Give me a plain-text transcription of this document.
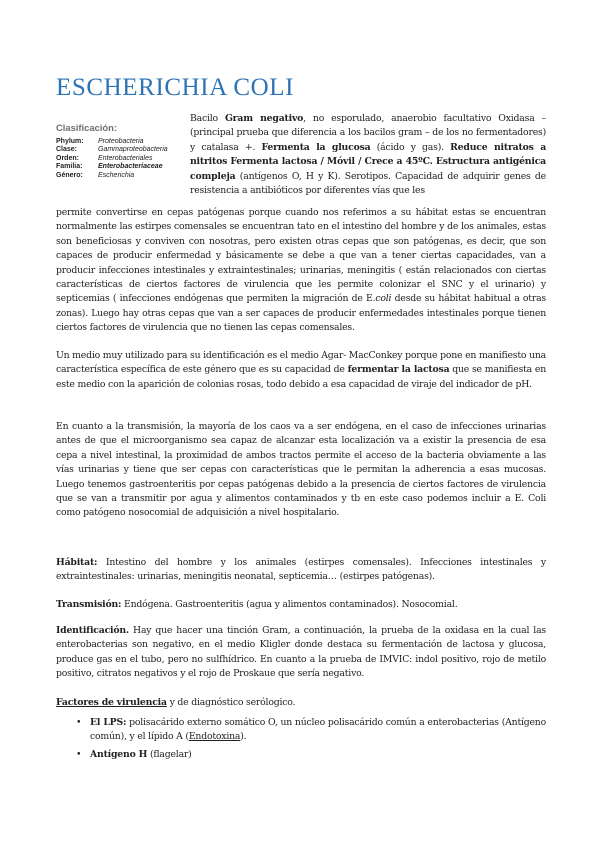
ESCHERICHIA COLI
Clasificación:
Phylum:	Proteobacteria
Clase:	Gammaproteobacteria
Orden:	Enterobacteriales
Familia:	Enterobacteriaceae
Género:	Escherichia

Bacilo Gram negativo, no esporulado, anaerobio facultativo Oxidasa – (principal prueba que diferencia a los bacilos gram – de los no fermentadores) y catalasa +. Fermenta la glucosa (ácido y gas). Reduce nitratos a nitritos Fermenta lactosa / Móvil / Crece a 45ºC. Estructura antigénica compleja (antígenos O, H y K). Serotipos. Capacidad de adquirir genes de resistencia a antibióticos por diferentes vías que les

permite convertirse en cepas patógenas porque cuando nos referimos a su hábitat estas se encuentran normalmente las estirpes comensales se encuentran tato en el intestino del hombre y de los animales, estas son beneficiosas y conviven con nosotras, pero existen otras cepas que son patógenas, es decir, que son capaces de producir enfermedad y básicamente se debe a que van a tener ciertas capacidades, van a producir infecciones intestinales y extraintestinales; urinarias, meningitis ( están relacionados con ciertas características de ciertos factores de virulencia que les permite colonizar el SNC y el urinario) y septicemias ( infecciones endógenas que permiten la migración de E.coli desde su hábitat habitual a otras zonas). Luego hay otras cepas que van a ser capaces de producir enfermedades intestinales porque tienen ciertos factores de virulencia que no tienen las cepas comensales.

Un medio muy utilizado para su identificación es el medio Agar- MacConkey porque pone en manifiesto una característica específica de este género que es su capacidad de fermentar la lactosa que se manifiesta en este medio con la aparición de colonias rosas, todo debido a esa capacidad de viraje del indicador de pH.

En cuanto a la transmisión, la mayoría de los caos va a ser endógena, en el caso de infecciones urinarias antes de que el microorganismo sea capaz de alcanzar esta localización va a existir la presencia de esa cepa a nivel intestinal, la proximidad de ambos tractos permite el acceso de la bacteria obviamente a las vías urinarias y tiene que ser cepas con características que le permitan la adherencia a esas mucosas. Luego tenemos gastroenteritis por cepas patógenas debido a la presencia de ciertos factores de virulencia que se van a transmitir por agua y alimentos contaminados y tb en este caso podemos incluir a E. Coli como patógeno nosocomial de adquisición a nivel hospitalario.

Hábitat: Intestino del hombre y los animales (estirpes comensales). Infecciones intestinales y extraintestinales: urinarias, meningitis neonatal, septicemia… (estirpes patógenas).

Transmisión: Endógena. Gastroenteritis (agua y alimentos contaminados). Nosocomial.

Identificación. Hay que hacer una tinción Gram, a continuación, la prueba de la oxidasa en la cual las enterobacterias son negativo, en el medio Kligler donde destaca su fermentación de lactosa y glucosa, produce gas en el tubo, pero no sulfhídrico. En cuanto a la prueba de IMVIC: indol positivo, rojo de metilo positivo, citratos negativos y el rojo de Proskaue que sería negativo.

Factores de virulencia y de diagnóstico serólogico.

• El LPS: polisacárido externo somático O, un núcleo polisacárido común a enterobacterias (Antígeno común), y el lípido A (Endotoxina).
• Antígeno H (flagelar)
